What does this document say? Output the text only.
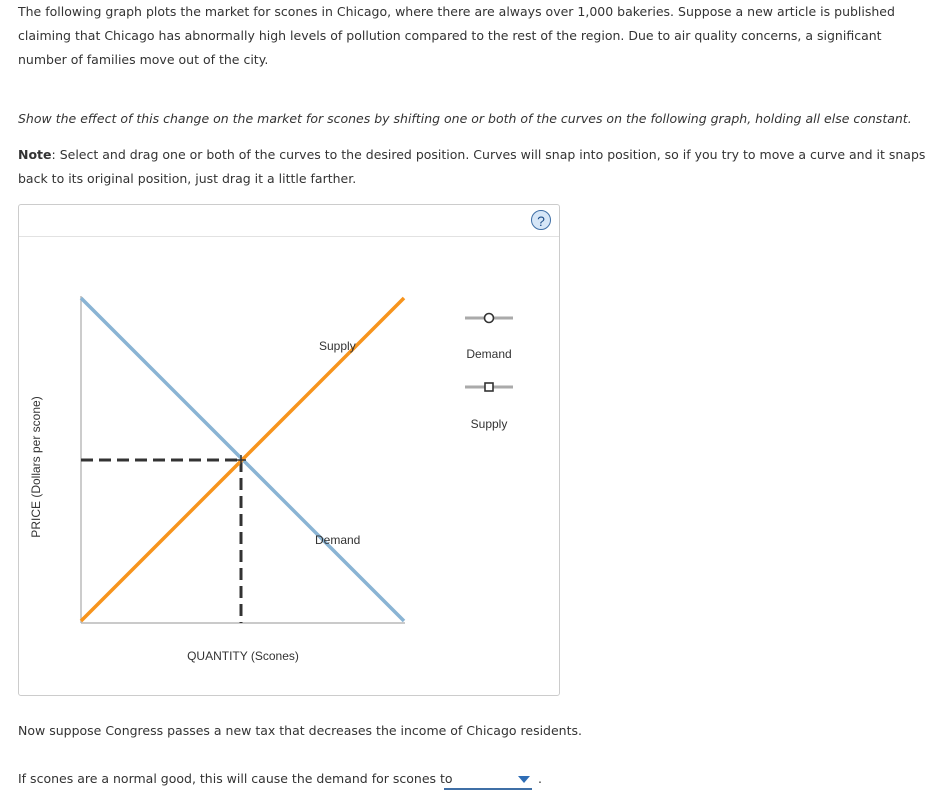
The following graph plots the market for scones in Chicago, where there are always over 1,000 bakeries. Suppose a new article is published claiming that Chicago has abnormally high levels of pollution compared to the rest of the region. Due to air quality concerns, a significant number of families move out of the city.

Show the effect of this change on the market for scones by shifting one or both of the curves on the following graph, holding all else constant.

Note: Select and drag one or both of the curves to the desired position. Curves will snap into position, so if you try to move a curve and it snaps back to its original position, just drag it a little farther.

?
Supply
Demand
PRICE (Dollars per scone)
QUANTITY (Scones)
Demand
Supply

Now suppose Congress passes a new tax that decreases the income of Chicago residents.

If scones are a normal good, this will cause the demand for scones to	.
